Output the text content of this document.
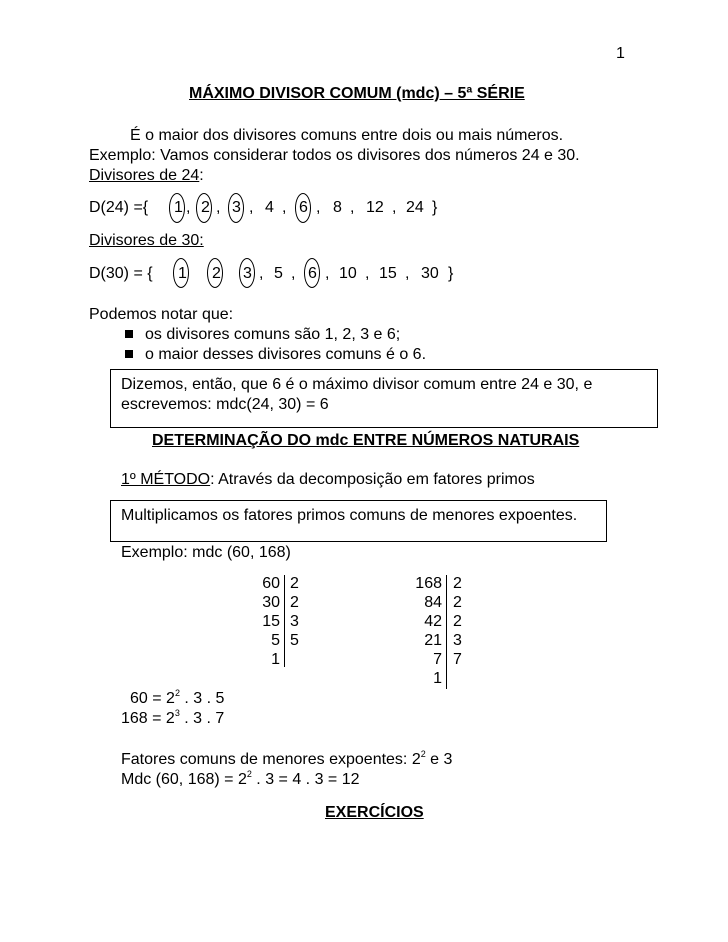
1
MÁXIMO DIVISOR COMUM (mdc) – 5ª SÉRIE
É o maior dos divisores comuns entre dois ou mais números.
Exemplo: Vamos considerar todos os divisores dos números 24 e 30.
Divisores de 24:
D(24) ={ 1 , 2 , 3 , 4 , 6 , 8 , 12 , 24 }
Divisores de 30:
D(30) = { 1 2 3 , 5 , 6 , 10 , 15 , 30 }
Podemos notar que:
os divisores comuns são 1, 2, 3 e 6;
o maior desses divisores comuns é o 6.
Dizemos, então, que 6 é o máximo divisor comum entre 24 e 30, e
escrevemos: mdc(24, 30) = 6
DETERMINAÇÃO DO mdc ENTRE NÚMEROS NATURAIS
1º MÉTODO: Através da decomposição em fatores primos
Multiplicamos os fatores primos comuns de menores expoentes.
Exemplo: mdc (60, 168)
60
30
15
5
1
2
2
3
5
168
84
42
21
7
1
2
2
2
3
7
$60 = 2^2$ . 3 . 5
$168 = 2^3$ . 3 . 7
Fatores comuns de menores expoentes: $2^2$ e 3
Mdc (60, $168) = 2^2$ . 3 = 4 . 3 = 12
EXERCÍCIOS
